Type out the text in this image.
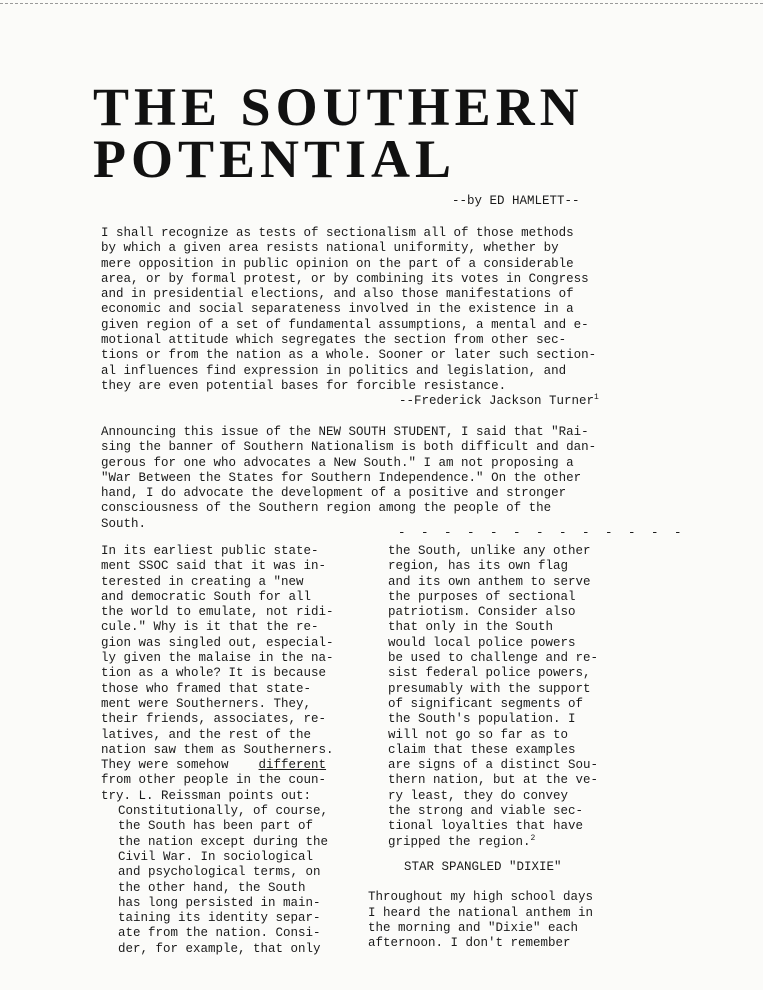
THE SOUTHERN
POTENTIAL
--by ED HAMLETT--

I shall recognize as tests of sectionalism all of those methods
by which a given area resists national uniformity, whether by
mere opposition in public opinion on the part of a considerable
area, or by formal protest, or by combining its votes in Congress
and in presidential elections, and also those manifestations of
economic and social separateness involved in the existence in a
given region of a set of fundamental assumptions, a mental and e-
motional attitude which segregates the section from other sec-
tions or from the nation as a whole. Sooner or later such section-
al influences find expression in politics and legislation, and
they are even potential bases for forcible resistance.
--Frederick Jackson Turner$^1$

Announcing this issue of the NEW SOUTH STUDENT, I said that "Rai-
sing the banner of Southern Nationalism is both difficult and dan-
gerous for one who advocates a New South." I am not proposing a
"War Between the States for Southern Independence." On the other
hand, I do advocate the development of a positive and stronger
consciousness of the Southern region among the people of the
South.

- - - - - - - - - - - - -
In its earliest public state-
ment SSOC said that it was in-
terested in creating a "new
and democratic South for all
the world to emulate, not ridi-
cule." Why is it that the re-
gion was singled out, especial-
ly given the malaise in the na-
tion as a whole? It is because
those who framed that state-
ment were Southerners. They,
their friends, associates, re-
latives, and the rest of the
nation saw them as Southerners.
They were somehow different
from other people in the coun-
try. L. Reissman points out:
Constitutionally, of course,
the South has been part of
the nation except during the
Civil War. In sociological
and psychological terms, on
the other hand, the South
has long persisted in main-
taining its identity separ-
ate from the nation. Consi-
der, for example, that only
the South, unlike any other
region, has its own flag
and its own anthem to serve
the purposes of sectional
patriotism. Consider also
that only in the South
would local police powers
be used to challenge and re-
sist federal police powers,
presumably with the support
of significant segments of
the South's population. I
will not go so far as to
claim that these examples
are signs of a distinct Sou-
thern nation, but at the ve-
ry least, they do convey
the strong and viable sec-
tional loyalties that have
gripped the region.$^2$
STAR SPANGLED "DIXIE"
Throughout my high school days
I heard the national anthem in
the morning and "Dixie" each
afternoon. I don't remember
